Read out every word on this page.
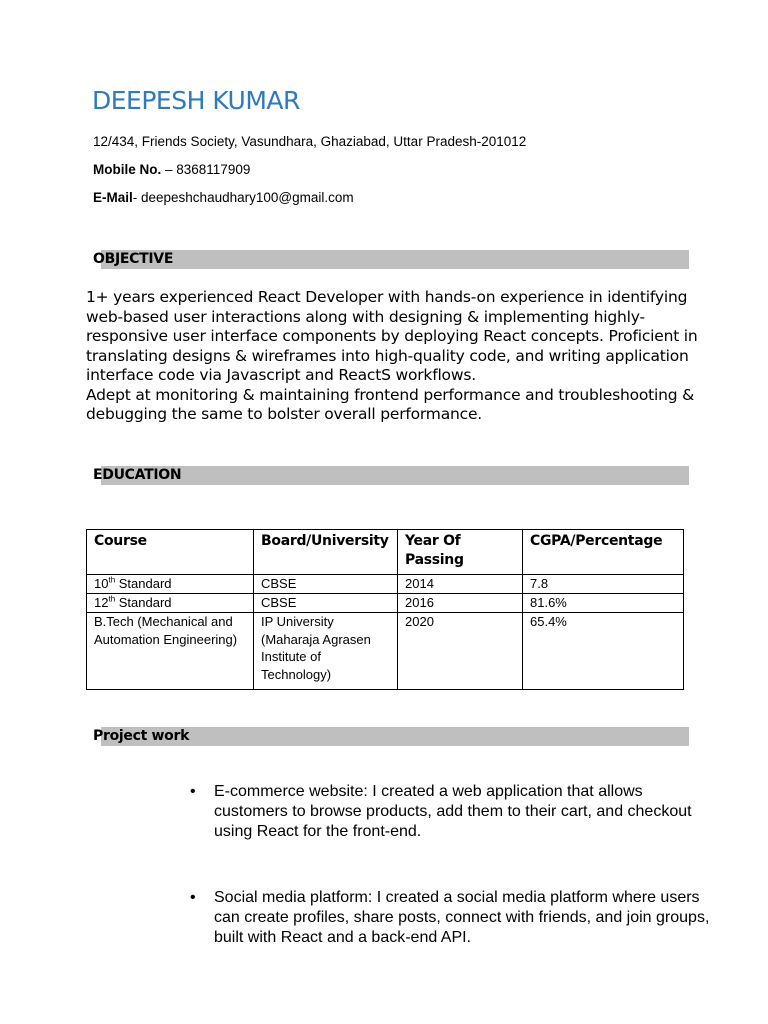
DEEPESH KUMAR
12/434, Friends Society, Vasundhara, Ghaziabad, Uttar Pradesh-201012
Mobile No. – 8368117909
E-Mail- deepeshchaudhary100@gmail.com
OBJECTIVE

1+ years experienced React Developer with hands-on experience in identifying web-based user interactions along with designing & implementing highly-responsive user interface components by deploying React concepts. Proficient in translating designs & wireframes into high-quality code, and writing application interface code via Javascript and ReactS workflows.

Adept at monitoring & maintaining frontend performance and troubleshooting & debugging the same to bolster overall performance.

EDUCATION
Course	Board/University	Year Of Passing	CGPA/Percentage
10th Standard	CBSE	2014	7.8
12th Standard	CBSE	2016	81.6%
B.Tech (Mechanical and Automation Engineering)	IP University (Maharaja Agrasen Institute of Technology)	2020	65.4%
Project work
• E-commerce website: I created a web application that allows customers to browse products, add them to their cart, and checkout using React for the front-end.
• Social media platform: I created a social media platform where users can create profiles, share posts, connect with friends, and join groups, built with React and a back-end API.
